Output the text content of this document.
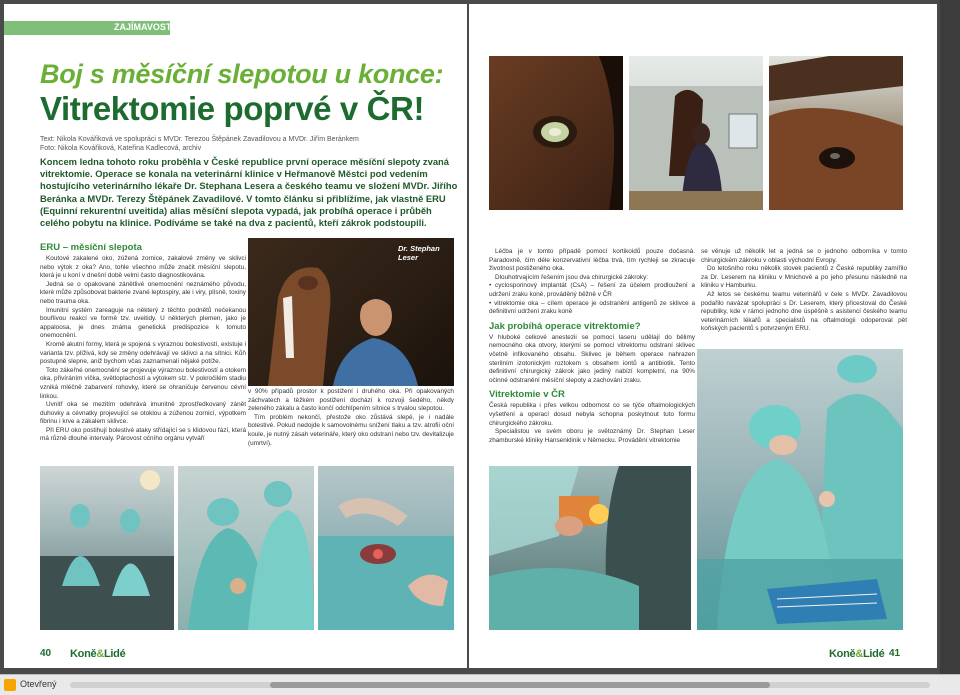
ZAJÍMAVOSTI
Boj s měsíční slepotou u konce:
Vitrektomie poprvé v ČR!
Text: Nikola Kovářiková ve spolupráci s MVDr. Terezou Štěpánek Zavadilovou a MVDr. Jiřím Beránkem
Foto: Nikola Kovářiková, Kateřina Kadlecová, archiv
Koncem ledna tohoto roku proběhla v České republice první operace měsíční slepoty zvaná vitrektomie. Operace se konala na veterinární klinice v Heřmanově Městci pod vedením hostujícího veterinárního lékaře Dr. Stephana Lesera a českého teamu ve složení MVDr. Jiřího Beránka a MVDr. Terezy Štěpánek Zavadilové. V tomto článku si přiblížíme, jak vlastně ERU (Equinní rekurentní uveitida) alias měsíční slepota vypadá, jak probíhá operace i průběh celého pobytu na klinice. Podíváme se také na dva z pacientů, kteří zákrok podstoupili.
ERU – měsíční slepota

Koutové zakalené oko, zúžená zornice, zakalové změny ve sklivci nebo výtok z oka? Ano, tohle všechno může značit měsíční slepotu, která je u koní v dnešní době velmi často diagnostikována.

Jedná se o opakované zánětlivé onemocnění neznámého původu, které může způsobovat bakterie zvané leptospiry, ale i viry, plísně, toxiny nebo trauma oka.

Imunitní systém zareaguje na některý z těchto podnětů nečekanou bouřlivou reakcí ve formě tzv. uveitidy. U některých plemen, jako je appaloosa, je dnes známa genetická predispozice k tomuto onemocnění.

Kromě akutní formy, která je spojená s výraznou bolestivostí, existuje i varianta tzv. plíživá, kdy se změny odehrávají ve sklivci a na sítnici. Kůň postupně slepne, aniž bychom včas zaznamenali nějaké potíže.

Toto zákeřné onemocnění se projevuje výraznou bolestivostí a otokem oka, přivíráním víčka, světloplachostí a výtokem slz. V pokročilém stadiu vzniká mléčně zabarvení rohovky, které se ohraničuje červenou cévní linkou.

Uvnitř oka se mezitím odehrává imunitně zprostředkovaný zánět duhovky a cévnatky projevující se otoklou a zúženou zornicí, výpotkem fibrinu i krve a zákalem sklivce.

Při ERU oko postihují bolestivé ataky střídající se s klidovou fází, která má různě dlouhé intervaly. Párovost očního orgánu vytváří

Dr. Stephan Leser

v 90% případů prostor k postižení i druhého oka. Při opakovaných záchvatech a těžkém postižení dochází k rozvoji šedého, někdy zeleného zákalu a často končí odchlípením sítnice s trvalou slepotou.

Tím problém nekončí, přestože oko zůstává slepé, je i nadále bolestivé. Pokud nedojde k samovolnému snížení tlaku a tzv. atrofii oční koule, je nutný zásah veterináře, který oko odstraní nebo tzv. devitalizuje (umrtví).

40 Koně&Lidé

Léčba je v tomto případě pomocí kortikoidů pouze dočasná. Paradoxně, čím déle konzervativní léčba trvá, tím rychleji se zkracuje životnost postiženého oka.

Dlouhotrvajícím řešením jsou dva chirurgické zákroky:

• cyclosporinový implantát (CsA) – řešení za účelem prodloužení a udržení zraku koně, prováděný běžně v ČR

• vitrektomie oka – cílem operace je odstranění antigenů ze sklivce a definitivní udržení zraku koně

Jak probíhá operace vitrektomie?

V hluboké celkové anestezii se pomocí laseru udělají do bělimy nemocného oka otvory, kterými se pomocí vitrektomu odstraní sklivec včetně infikovaného obsahu. Sklivec je během operace nahrazen sterilním izotonickým roztokem s obsahem iontů a antibiotik. Tento definitivní chirurgický zákrok jako jediný nabízí kompletní, na 90% očinné odstranění měsíční slepoty a zachování zraku.

Vitrektomie v ČR

Česká republika i přes velkou odbornost co se týče oftalmologických vyšetření a operací dosud nebyla schopna poskytnout tuto formu chirurgického zákroku.

Specialistou ve svém oboru je světoznámý Dr. Stephan Leser zhamburské kliniky Hansenklinik v Německu. Provádění vitrektomie

se věnuje už několik let a jedná se o jednoho odborníka v tomto chirurgickém zákroku v oblasti východní Evropy.

Do letošního roku několik stovek pacientů z České republiky zamířilo za Dr. Leserem na kliniku v Mnichově a po jeho přesunu následně na kliniku v Hamburku.

Až letos se českému teamu veterinářů v čele s MVDr. Zavadilovou podařilo navázat spolupráci s Dr. Leserem, který přicestoval do České republiky, kde v rámci jednoho dne úspěšně s asistencí českého teamu veterinárních lékařů a specialistů na oftalmologii odoperoval pět koňských pacientů s potvrzeným ERU.

Koně&Lidé 41
Otevřený
